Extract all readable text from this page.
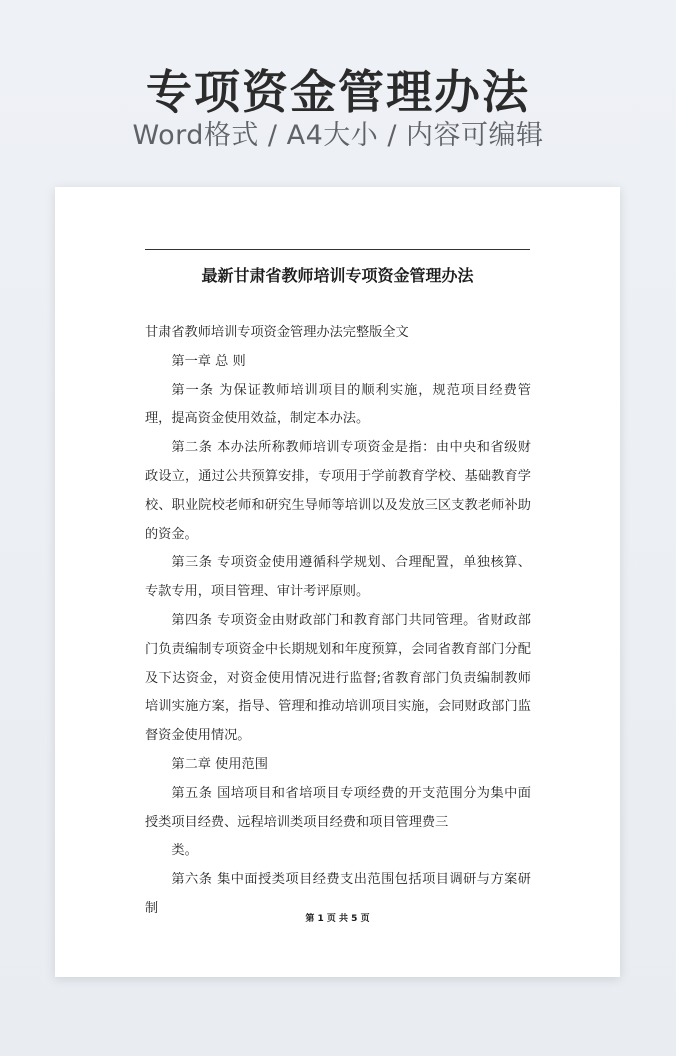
专项资金管理办法
Word格式 / A4大小 / 内容可编辑
最新甘肃省教师培训专项资金管理办法

甘肃省教师培训专项资金管理办法完整版全文

第一章 总 则

第一条 为保证教师培训项目的顺利实施，规范项目经费管理，提高资金使用效益，制定本办法。

第二条 本办法所称教师培训专项资金是指：由中央和省级财政设立，通过公共预算安排，专项用于学前教育学校、基础教育学校、职业院校老师和研究生导师等培训以及发放三区支教老师补助的资金。

第三条 专项资金使用遵循科学规划、合理配置，单独核算、专款专用，项目管理、审计考评原则。

第四条 专项资金由财政部门和教育部门共同管理。省财政部门负责编制专项资金中长期规划和年度预算，会同省教育部门分配及下达资金，对资金使用情况进行监督;省教育部门负责编制教师培训实施方案，指导、管理和推动培训项目实施，会同财政部门监督资金使用情况。

第二章 使用范围

第五条 国培项目和省培项目专项经费的开支范围分为集中面授类项目经费、远程培训类项目经费和项目管理费三

类。

第六条 集中面授类项目经费支出范围包括项目调研与方案研制

第 1 页 共 5 页
